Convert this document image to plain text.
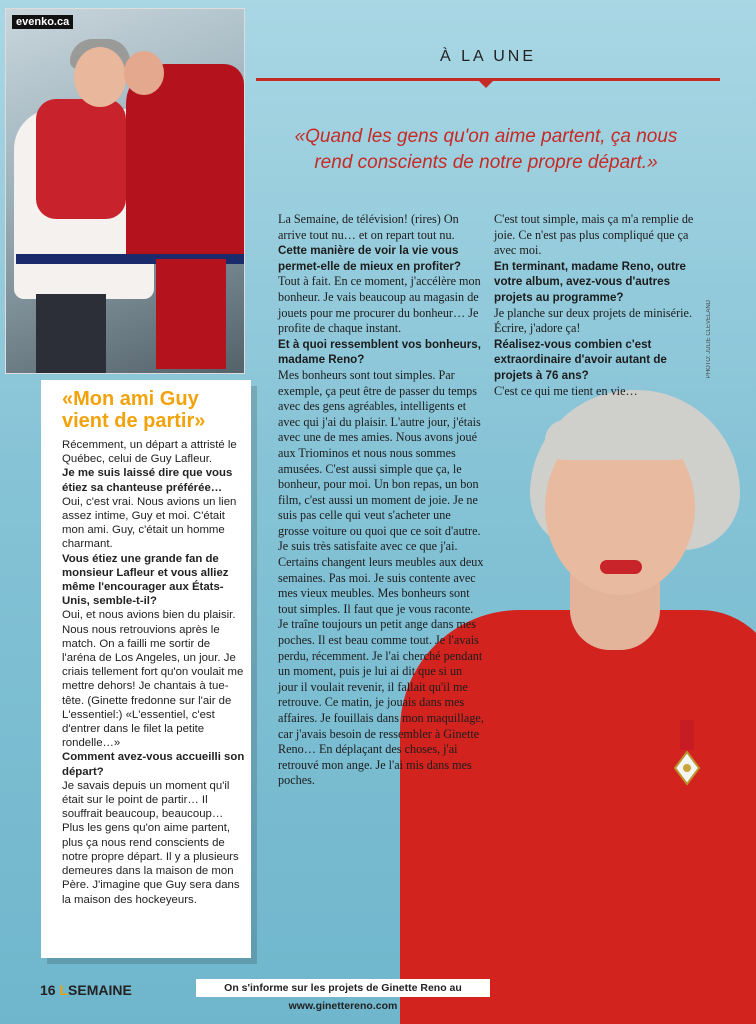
evenko.ca
«Mon ami Guy vient de partir»

Récemment, un départ a attristé le Québec, celui de Guy Lafleur.

Je me suis laissé dire que vous étiez sa chanteuse préférée…

Oui, c'est vrai. Nous avions un lien assez intime, Guy et moi. C'était mon ami. Guy, c'était un homme charmant.

Vous étiez une grande fan de monsieur Lafleur et vous alliez même l'encourager aux États-Unis, semble-t-il?

Oui, et nous avions bien du plaisir. Nous nous retrouvions après le match. On a failli me sortir de l'aréna de Los Angeles, un jour. Je criais tellement fort qu'on voulait me mettre dehors! Je chantais à tue-tête. (Ginette fredonne sur l'air de L'essentiel:) «L'essentiel, c'est d'entrer dans le filet la petite rondelle…»

Comment avez-vous accueilli son départ?

Je savais depuis un moment qu'il était sur le point de partir… Il souffrait beaucoup, beaucoup… Plus les gens qu'on aime partent, plus ça nous rend conscients de notre propre départ. Il y a plusieurs demeures dans la maison de mon Père. J'imagine que Guy sera dans la maison des hockeyeurs.

À LA UNE
«Quand les gens qu'on aime partent, ça nous rend conscients de notre propre départ.»

La Semaine, de télévision! (rires) On arrive tout nu… et on repart tout nu.

Cette manière de voir la vie vous permet-elle de mieux en profiter?

Tout à fait. En ce moment, j'accélère mon bonheur. Je vais beaucoup au magasin de jouets pour me procurer du bonheur… Je profite de chaque instant.

Et à quoi ressemblent vos bonheurs, madame Reno?

Mes bonheurs sont tout simples. Par exemple, ça peut être de passer du temps avec des gens agréables, intelligents et avec qui j'ai du plaisir. L'autre jour, j'étais avec une de mes amies. Nous avons joué aux Triominos et nous nous sommes amusées. C'est aussi simple que ça, le bonheur, pour moi. Un bon repas, un bon film, c'est aussi un moment de joie. Je ne suis pas celle qui veut s'acheter une grosse voiture ou quoi que ce soit d'autre. Je suis très satisfaite avec ce que j'ai. Certains changent leurs meubles aux deux semaines. Pas moi. Je suis contente avec mes vieux meubles. Mes bonheurs sont tout simples. Il faut que je vous raconte. Je traîne toujours un petit ange dans mes poches. Il est beau comme tout. Je l'avais perdu, récemment. Je l'ai cherché pendant un moment, puis je lui ai dit que si un jour il voulait revenir, il fallait qu'il me retrouve. Ce matin, je jouais dans mes affaires. Je fouillais dans mon maquillage, car j'avais besoin de ressembler à Ginette Reno… En déplaçant des choses, j'ai retrouvé mon ange. Je l'ai mis dans mes poches.

C'est tout simple, mais ça m'a remplie de joie. Ce n'est pas plus compliqué que ça avec moi.

En terminant, madame Reno, outre votre album, avez-vous d'autres projets au programme?

Je planche sur deux projets de minisérie. Écrire, j'adore ça!

Réalisez-vous combien c'est extraordinaire d'avoir autant de projets à 76 ans?

C'est ce qui me tient en vie…

PHOTO: JULIE CLEVELAND
16 LSEMAINE	On s'informe sur les projets de Ginette Reno au www.ginettereno.com
